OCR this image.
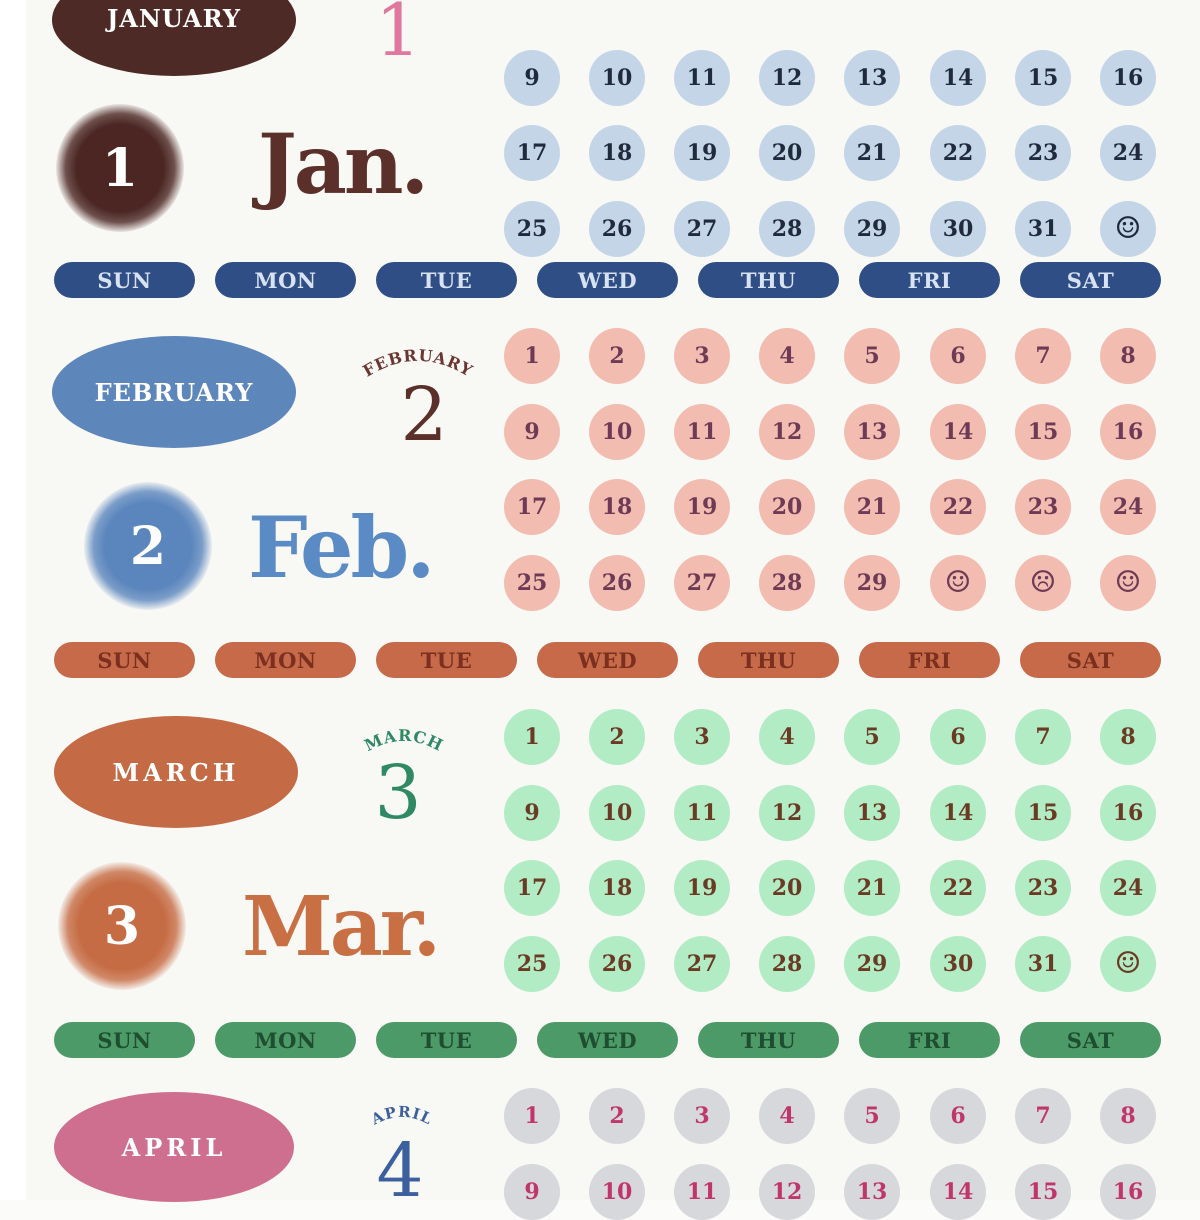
JANUARY 1
1 Jan.
9	10	11	12	13	14	15	16
17	18	19	20	21	22	23	24
25	26	27	28	29	30	31	☺
SUN	MON	TUE	WED	THU	FRI	SAT
FEBRUARY
FEBRUARY
2
2 Feb.
1	2	3	4	5	6	7	8
9	10	11	12	13	14	15	16
17	18	19	20	21	22	23	24
25	26	27	28	29	☺	☹	☺
SUN	MON	TUE	WED	THU	FRI	SAT
MARCH
MARCH
3
3 Mar.
1	2	3	4	5	6	7	8
9	10	11	12	13	14	15	16
17	18	19	20	21	22	23	24
25	26	27	28	29	30	31	☺
SUN	MON	TUE	WED	THU	FRI	SAT
APRIL
APRIL
4
1	2	3	4	5	6	7	8
9	10	11	12	13	14	15	16
